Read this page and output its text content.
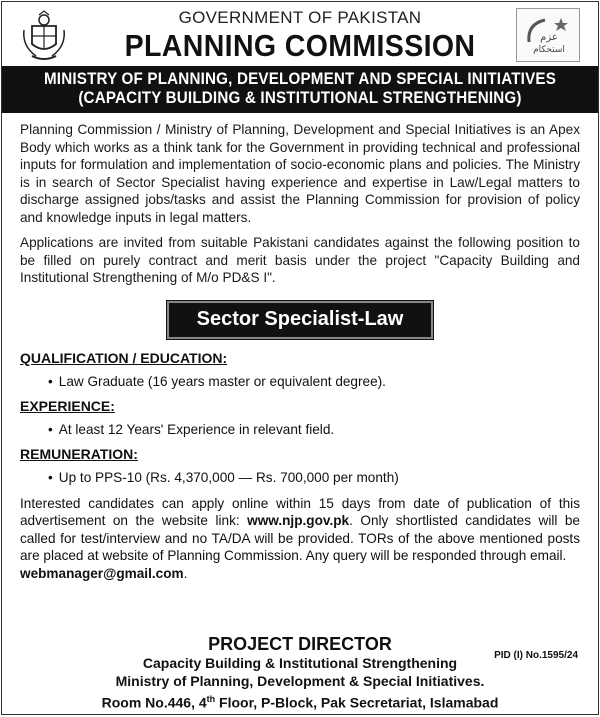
GOVERNMENT OF PAKISTAN
PLANNING COMMISSION	عزم
استحکام
MINISTRY OF PLANNING, DEVELOPMENT AND SPECIAL INITIATIVES
(CAPACITY BUILDING & INSTITUTIONAL STRENGTHENING)
Planning Commission / Ministry of Planning, Development and Special Initiatives is an Apex Body which works as a think tank for the Government in providing technical and professional inputs for formulation and implementation of socio-economic plans and policies. The Ministry is in search of Sector Specialist having experience and expertise in Law/Legal matters to discharge assigned jobs/tasks and assist the Planning Commission for provision of policy and knowledge inputs in legal matters.
Applications are invited from suitable Pakistani candidates against the following position to be filled on purely contract and merit basis under the project "Capacity Building and Institutional Strengthening of M/o PD&S I".
Sector Specialist-Law
QUALIFICATION / EDUCATION:
• Law Graduate (16 years master or equivalent degree).
EXPERIENCE:
• At least 12 Years' Experience in relevant field.
REMUNERATION:
• Up to PPS-10 (Rs. 4,370,000 — Rs. 700,000 per month)
Interested candidates can apply online within 15 days from date of publication of this advertisement on the website link: www.njp.gov.pk. Only shortlisted candidates will be called for test/interview and no TA/DA will be provided. TORs of the above mentioned posts are placed at website of Planning Commission. Any query will be responded through email.
webmanager@gmail.com.
PID (I) No.1595/24
PROJECT DIRECTOR
Capacity Building & Institutional Strengthening
Ministry of Planning, Development & Special Initiatives.
Room No.446, 4th Floor, P-Block, Pak Secretariat, Islamabad
